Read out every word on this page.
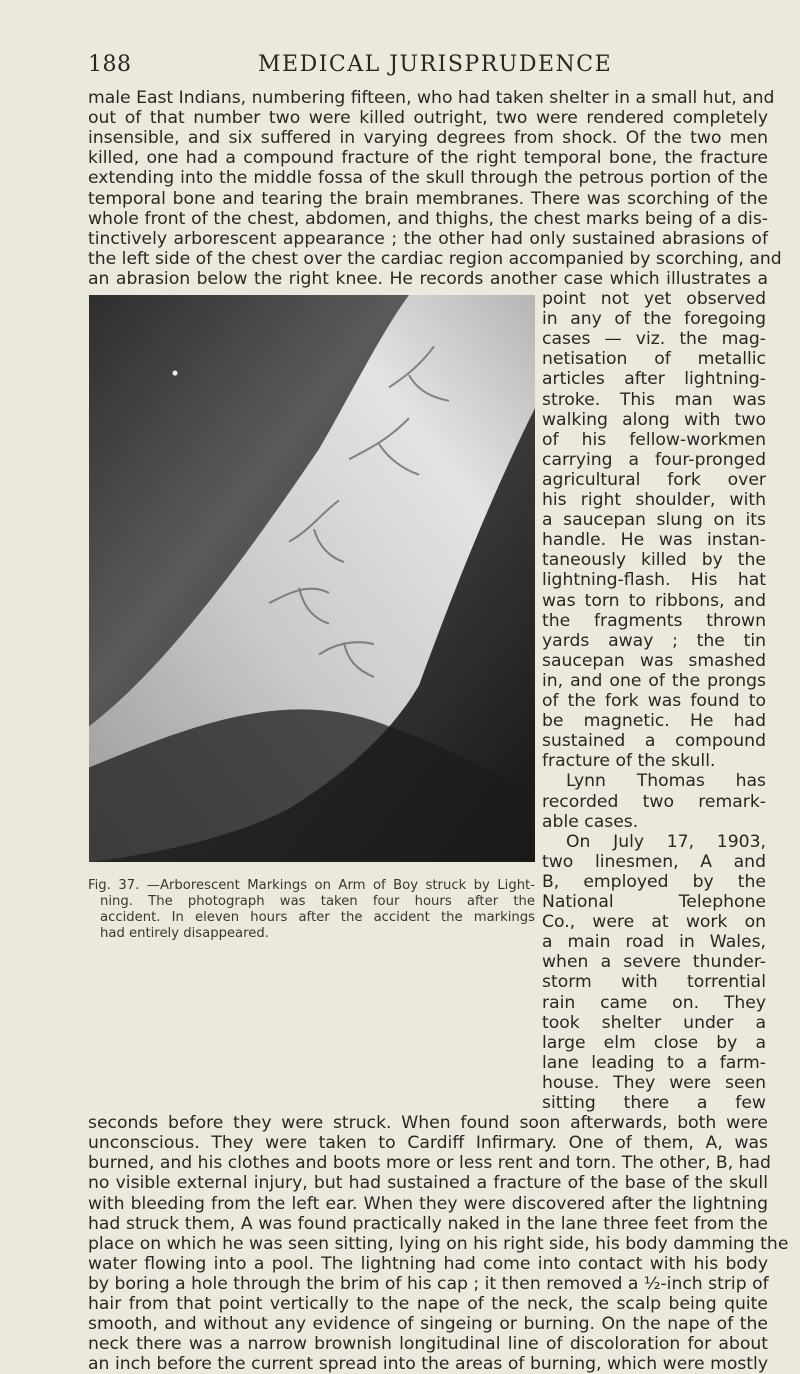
188	MEDICAL JURISPRUDENCE
male East Indians, numbering fifteen, who had taken shelter in a small hut, and
out of that number two were killed outright, two were rendered completely
insensible, and six suffered in varying degrees from shock. Of the two men
killed, one had a compound fracture of the right temporal bone, the fracture
extending into the middle fossa of the skull through the petrous portion of the
temporal bone and tearing the brain membranes. There was scorching of the
whole front of the chest, abdomen, and thighs, the chest marks being of a dis-
tinctively arborescent appearance ; the other had only sustained abrasions of
the left side of the chest over the cardiac region accompanied by scorching, and
an abrasion below the right knee. He records another case which illustrates a
point not yet observed
in any of the foregoing
cases — viz. the mag-
netisation of metallic
articles after lightning-
stroke. This man was
walking along with two
of his fellow-workmen
carrying a four-pronged
agricultural fork over
his right shoulder, with
a saucepan slung on its
handle. He was instan-
taneously killed by the
lightning-flash. His hat
was torn to ribbons, and
the fragments thrown
yards away ; the tin
saucepan was smashed
in, and one of the prongs
of the fork was found to
be magnetic. He had
sustained a compound
fracture of the skull.
Lynn Thomas has
recorded two remark-
able cases.
On July 17, 1903,
two linesmen, A and
B, employed by the
National Telephone
Co., were at work on
a main road in Wales,
when a severe thunder-
storm with torrential
rain came on. They
took shelter under a
large elm close by a
lane leading to a farm-
house. They were seen
sitting there a few
Fig. 37. —Arborescent Markings on Arm of Boy struck by Light-
ning. The photograph was taken four hours after the
accident. In eleven hours after the accident the markings
had entirely disappeared.
seconds before they were struck. When found soon afterwards, both were
unconscious. They were taken to Cardiff Infirmary. One of them, A, was
burned, and his clothes and boots more or less rent and torn. The other, B, had
no visible external injury, but had sustained a fracture of the base of the skull
with bleeding from the left ear. When they were discovered after the lightning
had struck them, A was found practically naked in the lane three feet from the
place on which he was seen sitting, lying on his right side, his body damming the
water flowing into a pool. The lightning had come into contact with his body
by boring a hole through the brim of his cap ; it then removed a ½-inch strip of
hair from that point vertically to the nape of the neck, the scalp being quite
smooth, and without any evidence of singeing or burning. On the nape of the
neck there was a narrow brownish longitudinal line of discoloration for about
an inch before the current spread into the areas of burning, which were mostly
